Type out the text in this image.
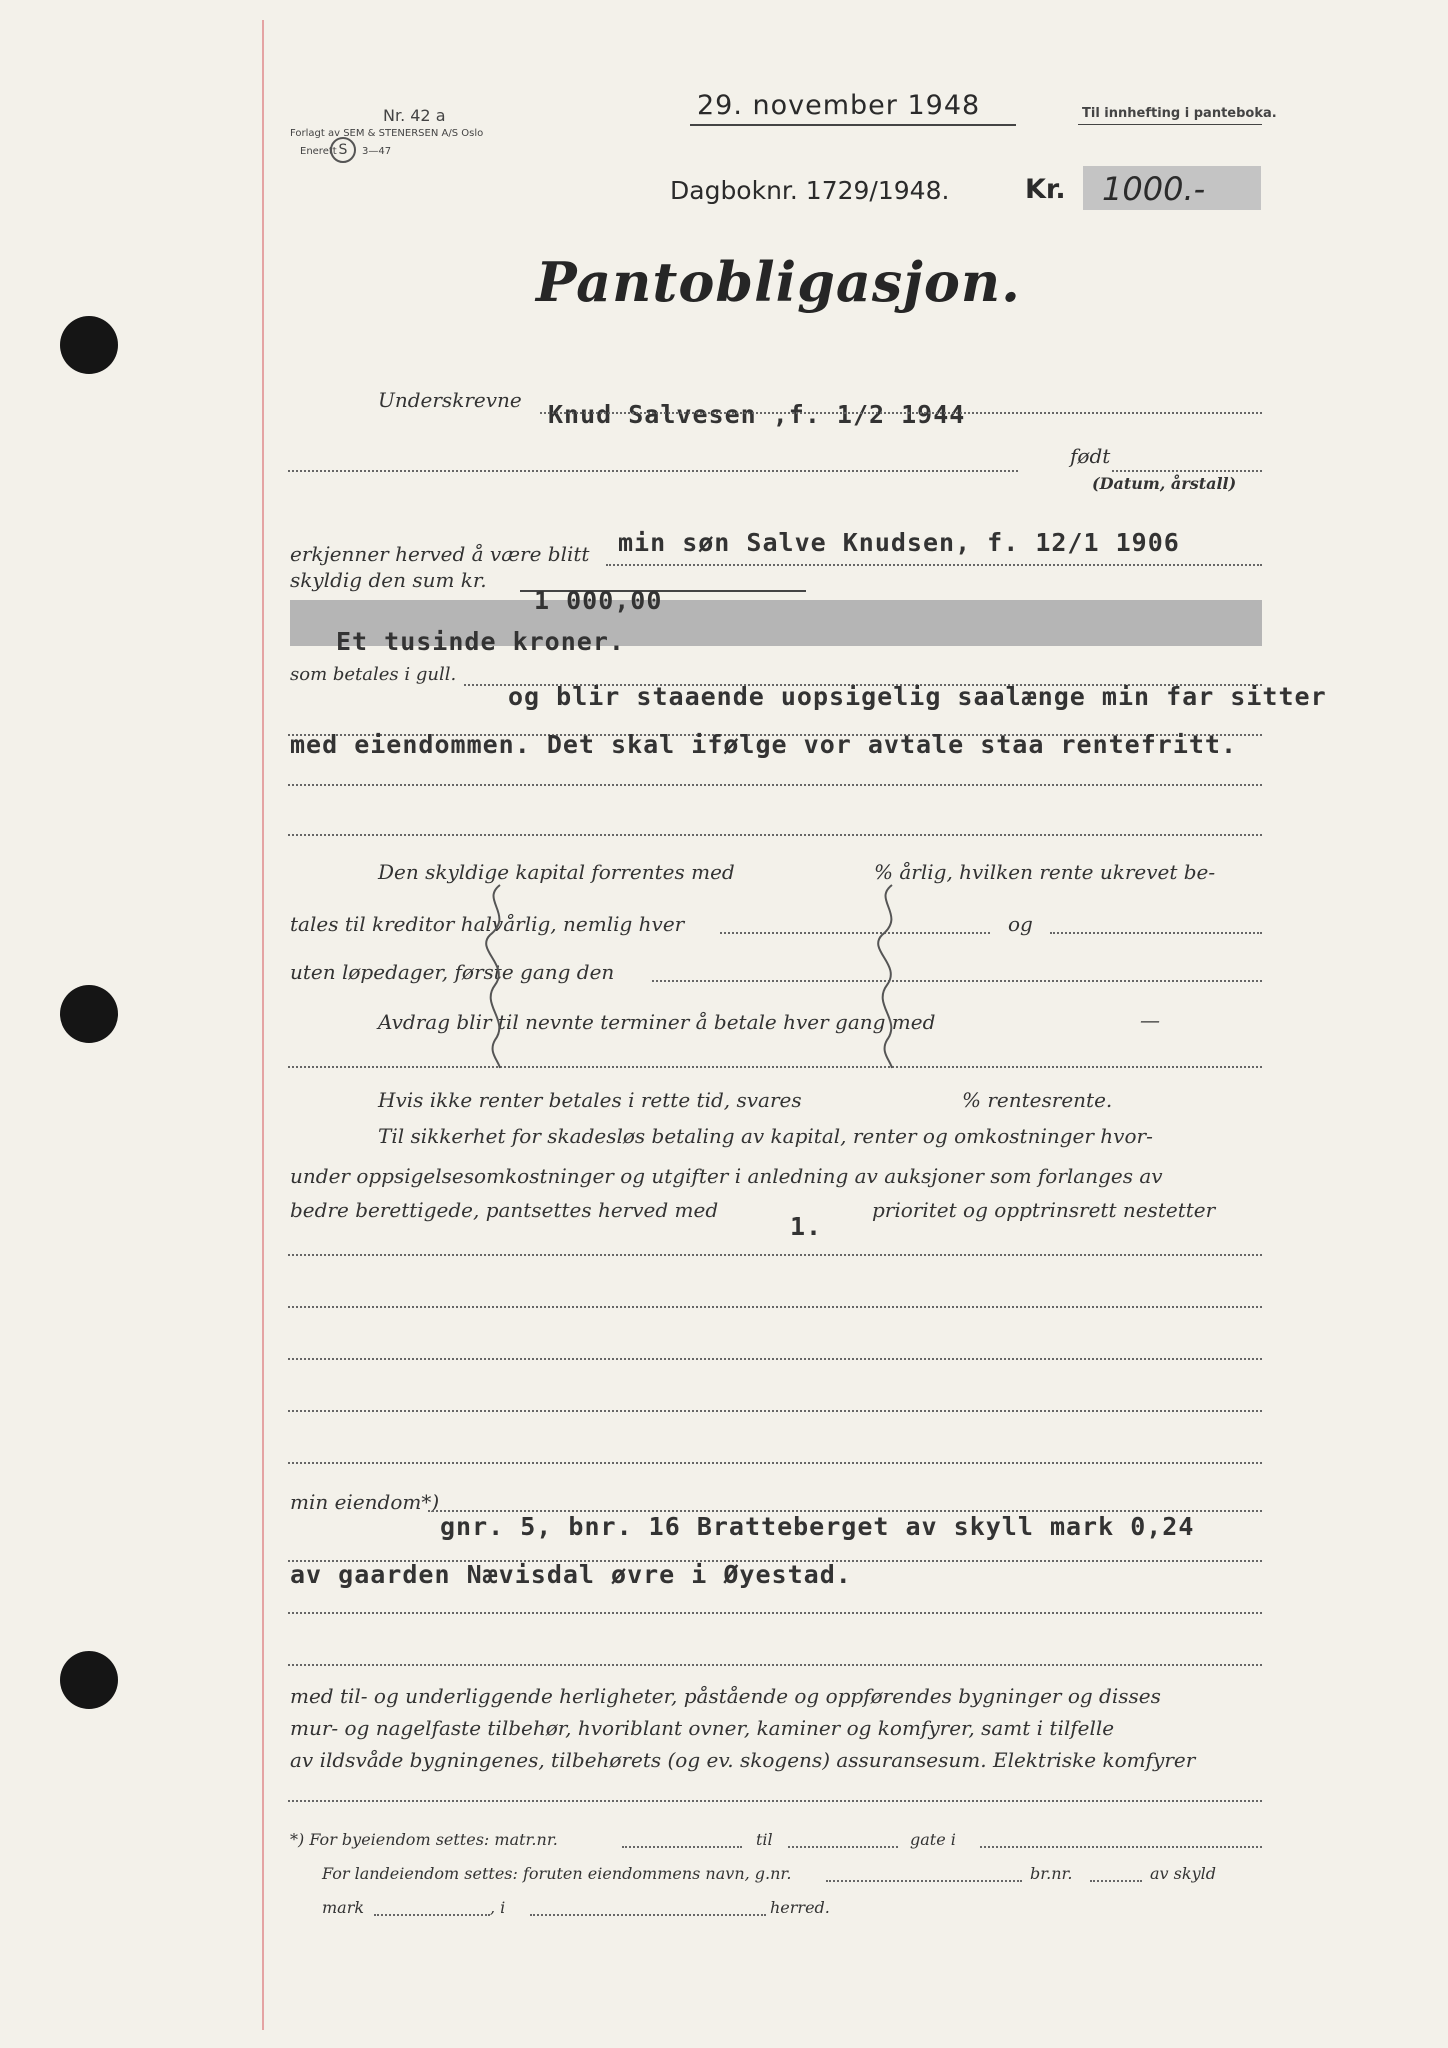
Nr. 42 a
Forlagt av SEM & STENERSEN A/S Oslo
Enerett S	3—47
29. november 1948	Til innhefting i panteboka.
Dagboknr. 1729/1948.	Kr. 1000.-
Pantobligasjon.
Underskrevne Knud Salvesen ,f. 1/2 1944
født
(Datum, årstall)
erkjenner herved å være blitt min søn Salve Knudsen, f. 12/1 1906
skyldig den sum kr.
1 000,00
Et tusinde kroner.
som betales i gull.
og blir staaende uopsigelig saalænge min far sitter
med eiendommen. Det skal ifølge vor avtale staa rentefritt.
Den skyldige kapital forrentes med	% årlig, hvilken rente ukrevet be-
tales til kreditor halvårlig, nemlig hver	og
uten løpedager, første gang den
Avdrag blir til nevnte terminer å betale hver gang med	—
Hvis ikke renter betales i rette tid, svares	% rentesrente.
Til sikkerhet for skadesløs betaling av kapital, renter og omkostninger hvor-
under oppsigelsesomkostninger og utgifter i anledning av auksjoner som forlanges av
bedre berettigede, pantsettes herved med	prioritet og opptrinsrett nestetter
1.
min eiendom*)
gnr. 5, bnr. 16 Bratteberget av skyll mark 0,24
av gaarden Nævisdal øvre i Øyestad.
med til- og underliggende herligheter, påstående og oppførendes bygninger og disses
mur- og nagelfaste tilbehør, hvoriblant ovner, kaminer og komfyrer, samt i tilfelle
av ildsvåde bygningenes, tilbehørets (og ev. skogens) assuransesum. Elektriske komfyrer
*) For byeiendom settes: matr.nr.	til	gate i
For landeiendom settes: foruten eiendommens navn, g.nr.	br.nr.	av skyld
mark	, i	herred.
